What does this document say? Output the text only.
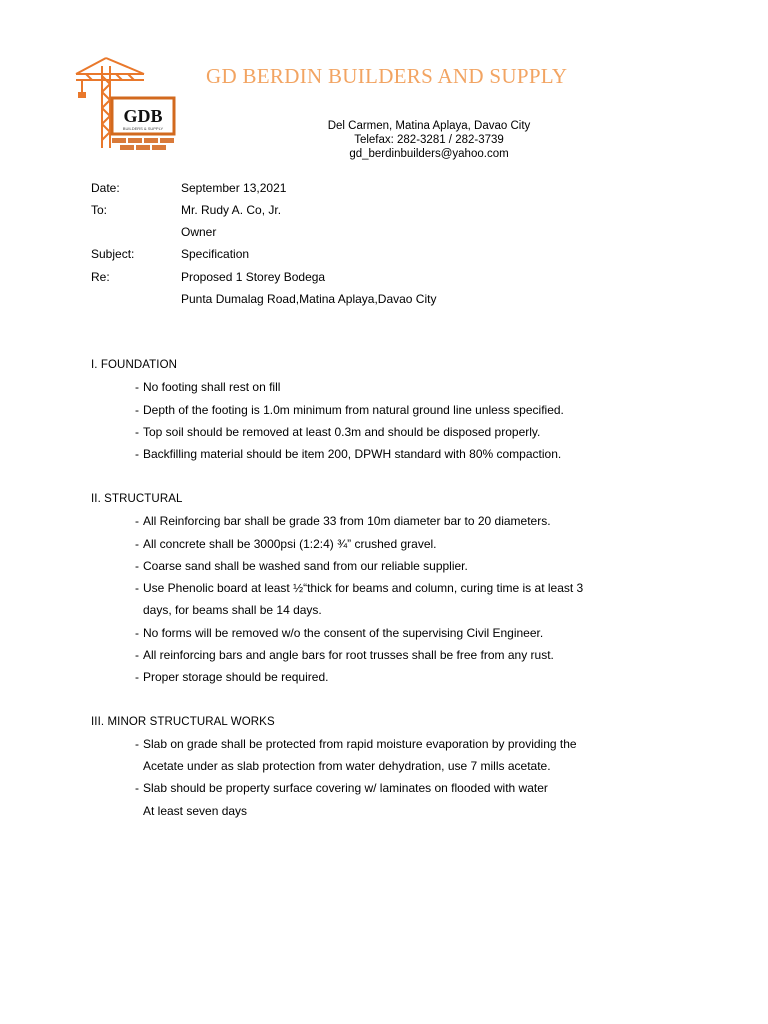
GDB
BUILDERS & SUPPLY
GD BERDIN BUILDERS AND SUPPLY
Del Carmen, Matina Aplaya, Davao City
Telefax: 282-3281 / 282-3739
gd_berdinbuilders@yahoo.com
Date:	September 13,2021
To:	Mr. Rudy A. Co, Jr.
Owner
Subject:	Specification
Re:	Proposed 1 Storey Bodega
Punta Dumalag Road,Matina Aplaya,Davao City
I. FOUNDATION
- No footing shall rest on fill
- Depth of the footing is 1.0m minimum from natural ground line unless specified.
- Top soil should be removed at least 0.3m and should be disposed properly.
- Backfilling material should be item 200, DPWH standard with 80% compaction.
II. STRUCTURAL
- All Reinforcing bar shall be grade 33 from 10m diameter bar to 20 diameters.
- All concrete shall be 3000psi (1:2:4) ¾” crushed gravel.
- Coarse sand shall be washed sand from our reliable supplier.
- Use Phenolic board at least ½“thick for beams and column, curing time is at least 3
days, for beams shall be 14 days.
- No forms will be removed w/o the consent of the supervising Civil Engineer.
- All reinforcing bars and angle bars for root trusses shall be free from any rust.
- Proper storage should be required.
III. MINOR STRUCTURAL WORKS
- Slab on grade shall be protected from rapid moisture evaporation by providing the
Acetate under as slab protection from water dehydration, use 7 mills acetate.
- Slab should be property surface covering w/ laminates on flooded with water
At least seven days
